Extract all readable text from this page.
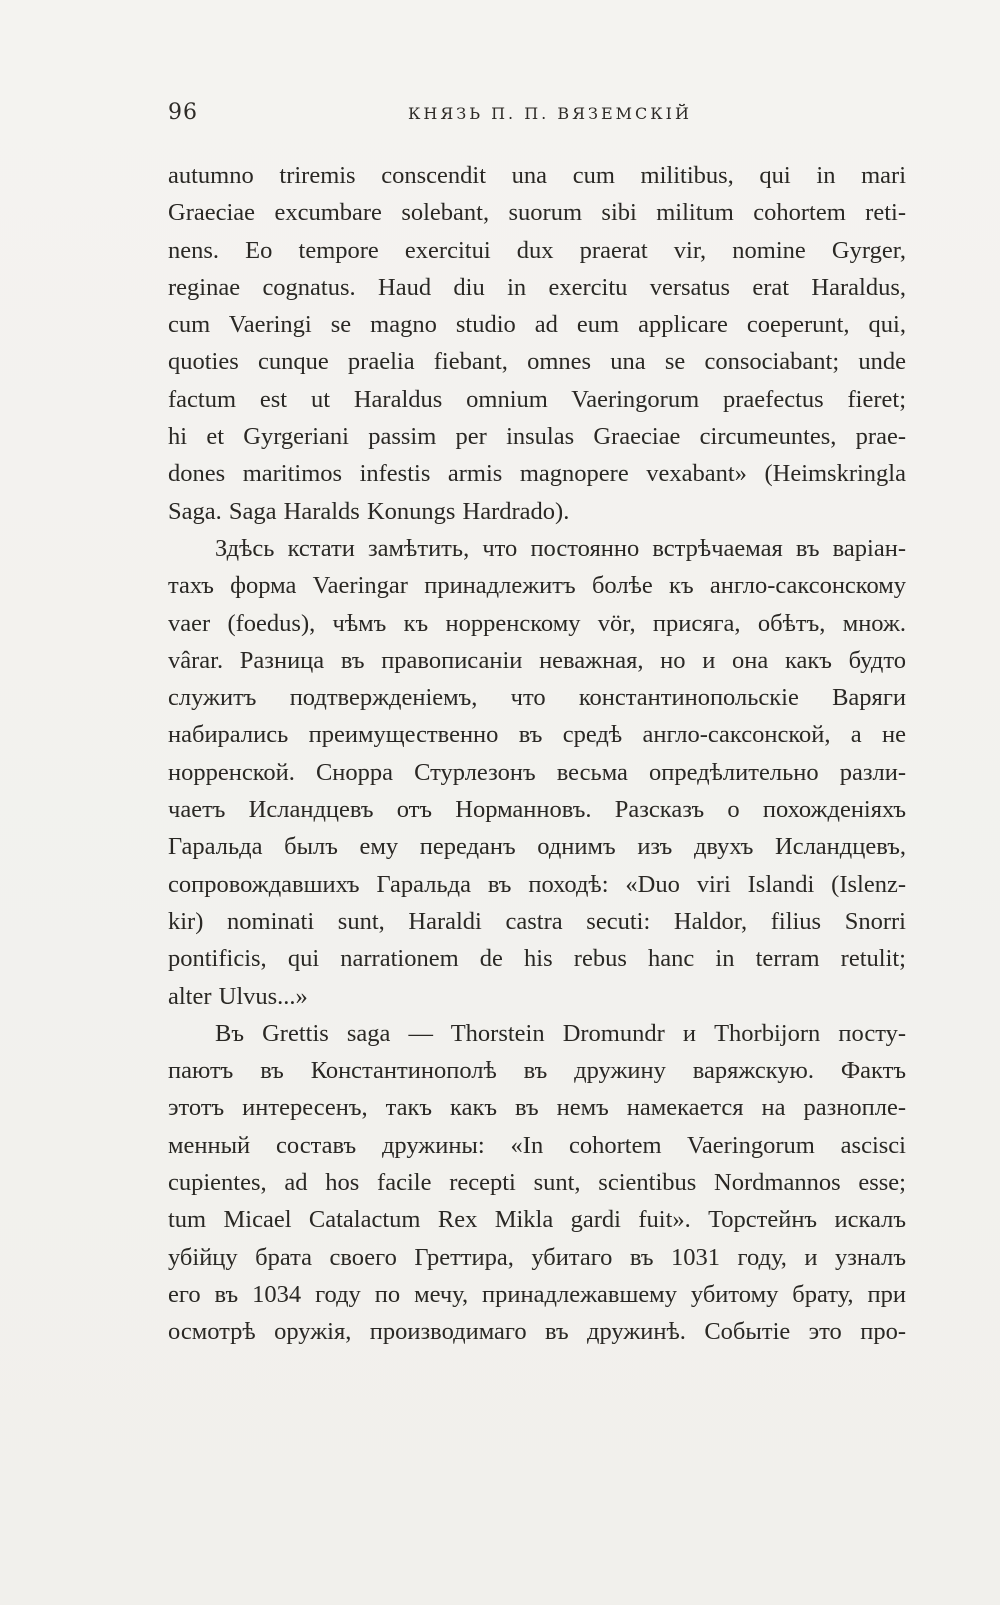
96	КНЯЗЬ П. П. ВЯЗЕМСКІЙ
autumno triremis conscendit una cum militibus, qui in mari
Graeciae excumbare solebant, suorum sibi militum cohortem reti-
nens. Eo tempore exercitui dux praerat vir, nomine Gyrger,
reginae cognatus. Haud diu in exercitu versatus erat Haraldus,
cum Vaeringi se magno studio ad eum applicare coeperunt, qui,
quoties cunque praelia fiebant, omnes una se consociabant; unde
factum est ut Haraldus omnium Vaeringorum praefectus fieret;
hi et Gyrgeriani passim per insulas Graeciae circumeuntes, prae-
dones maritimos infestis armis magnopere vexabant» (Heimskringla
Saga. Saga Haralds Konungs Hardrado).
Здѣсь кстати замѣтить, что постоянно встрѣчаемая въ варіан-
тахъ форма Vaeringar принадлежитъ болѣе къ англо-саксонскому
vaer (foedus), чѣмъ къ норренскому vör, присяга, обѣтъ, множ.
vârar. Разница въ правописаніи неважная, но и она какъ будто
служитъ подтвержденіемъ, что константинопольскіе Варяги
набирались преимущественно въ средѣ англо-саксонской, а не
норренской. Снорра Стурлезонъ весьма опредѣлительно разли-
чаетъ Исландцевъ отъ Норманновъ. Разсказъ о похожденіяхъ
Гаральда былъ ему переданъ однимъ изъ двухъ Исландцевъ,
сопровождавшихъ Гаральда въ походѣ: «Duo viri Islandi (Islenz-
kir) nominati sunt, Haraldi castra secuti: Haldor, filius Snorri
pontificis, qui narrationem de his rebus hanc in terram retulit;
alter Ulvus...»
Въ Grettis saga — Thorstein Dromundr и Thorbijorn посту-
паютъ въ Константинополѣ въ дружину варяжскую. Фактъ
этотъ интересенъ, такъ какъ въ немъ намекается на разноплe-
менный составъ дружины: «In cohortem Vaeringorum ascisci
cupientes, ad hos facile recepti sunt, scientibus Nordmannos esse;
tum Micael Catalactum Rex Mikla gardi fuit». Торстейнъ искалъ
убійцу брата своего Греттира, убитаго въ 1031 году, и узналъ
его въ 1034 году по мечу, принадлежавшему убитому брату, при
осмотрѣ оружія, производимаго въ дружинѣ. Событіе это про-
